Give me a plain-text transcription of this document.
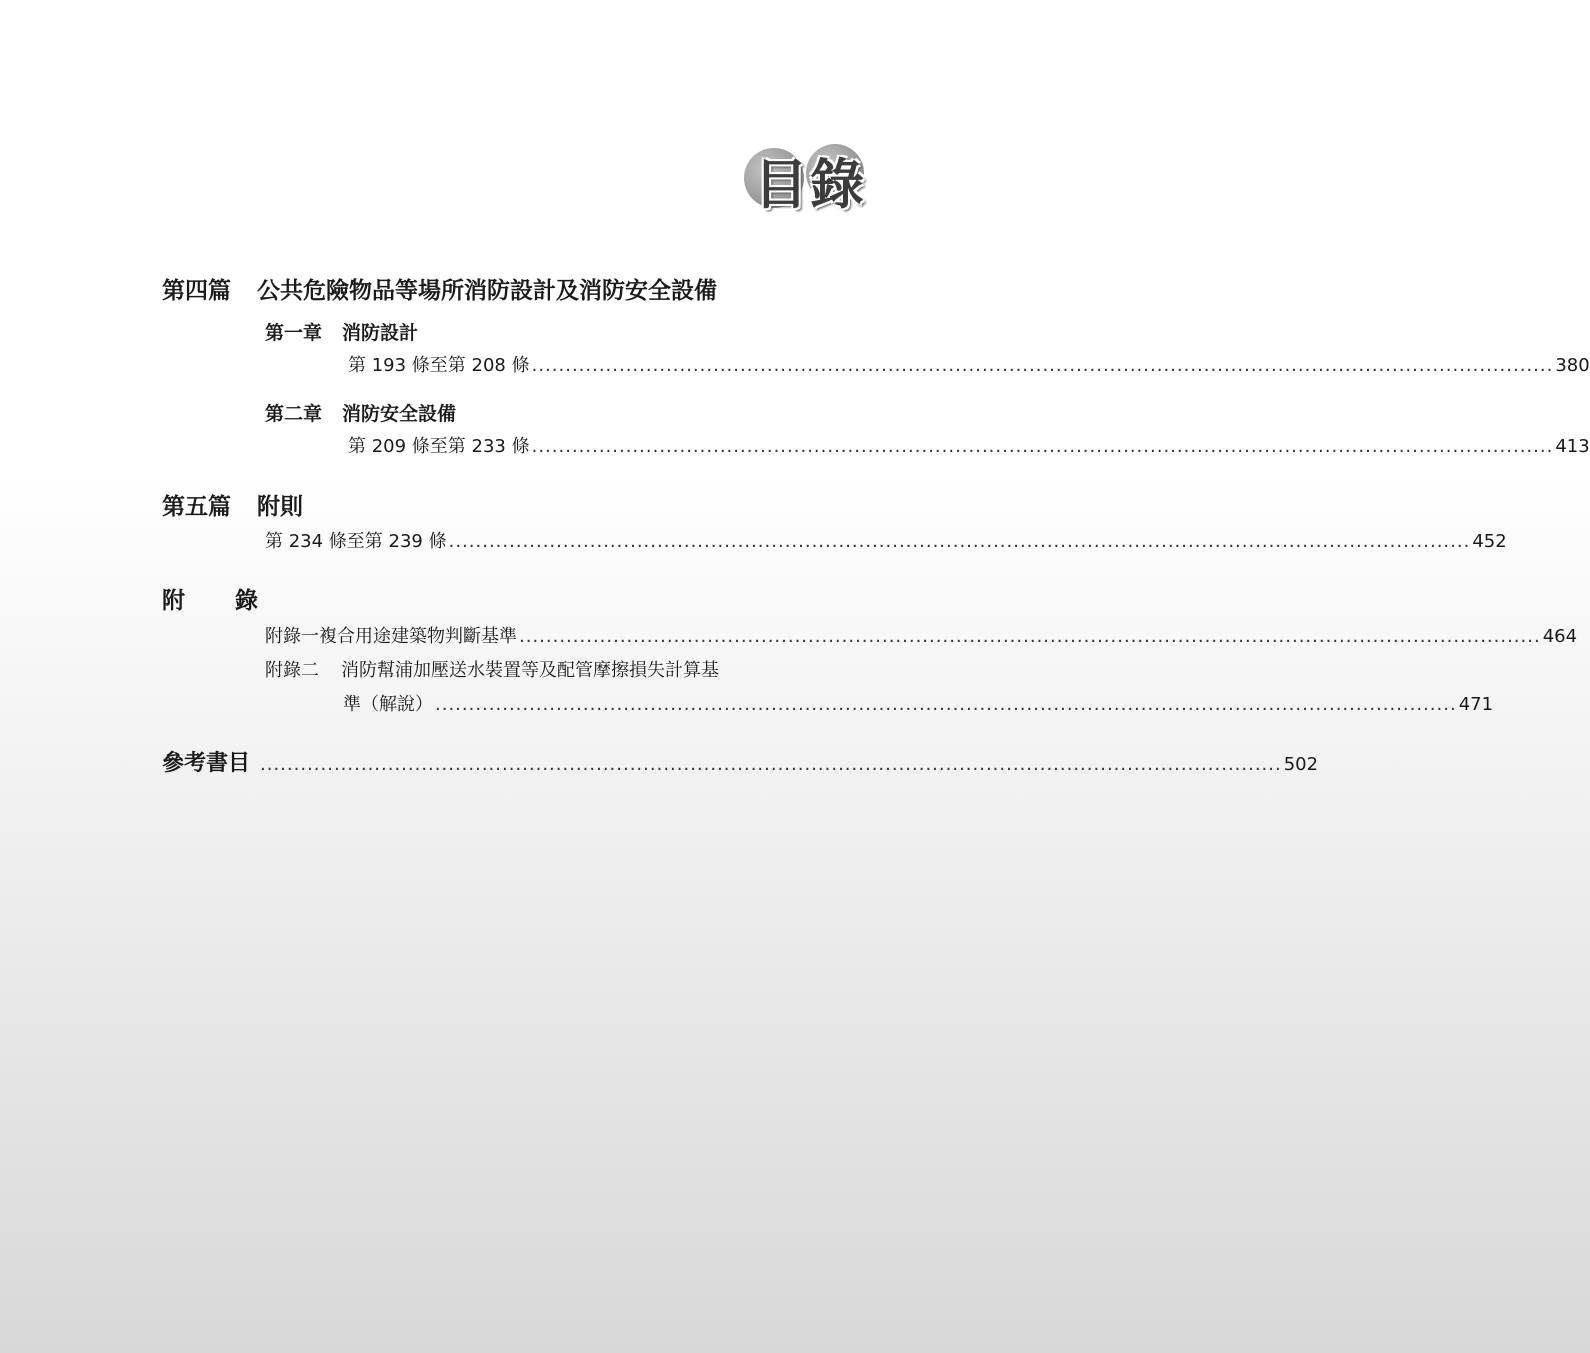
目 錄
第四篇 公共危險物品等場所消防設計及消防安全設備
第一章 消防設計
第 193 條至第 208 條 ........................................................................................................................................................ 380
第二章 消防安全設備
第 209 條至第 233 條 ........................................................................................................................................................ 413
第五篇 附則
第 234 條至第 239 條 ........................................................................................................................................................ 452
附 錄
附錄一 複合用途建築物判斷基準 ........................................................................................................................................................ 464
附錄二 消防幫浦加壓送水裝置等及配管摩擦損失計算基
準（解說） ........................................................................................................................................................ 471
參考書目 ........................................................................................................................................................ 502
